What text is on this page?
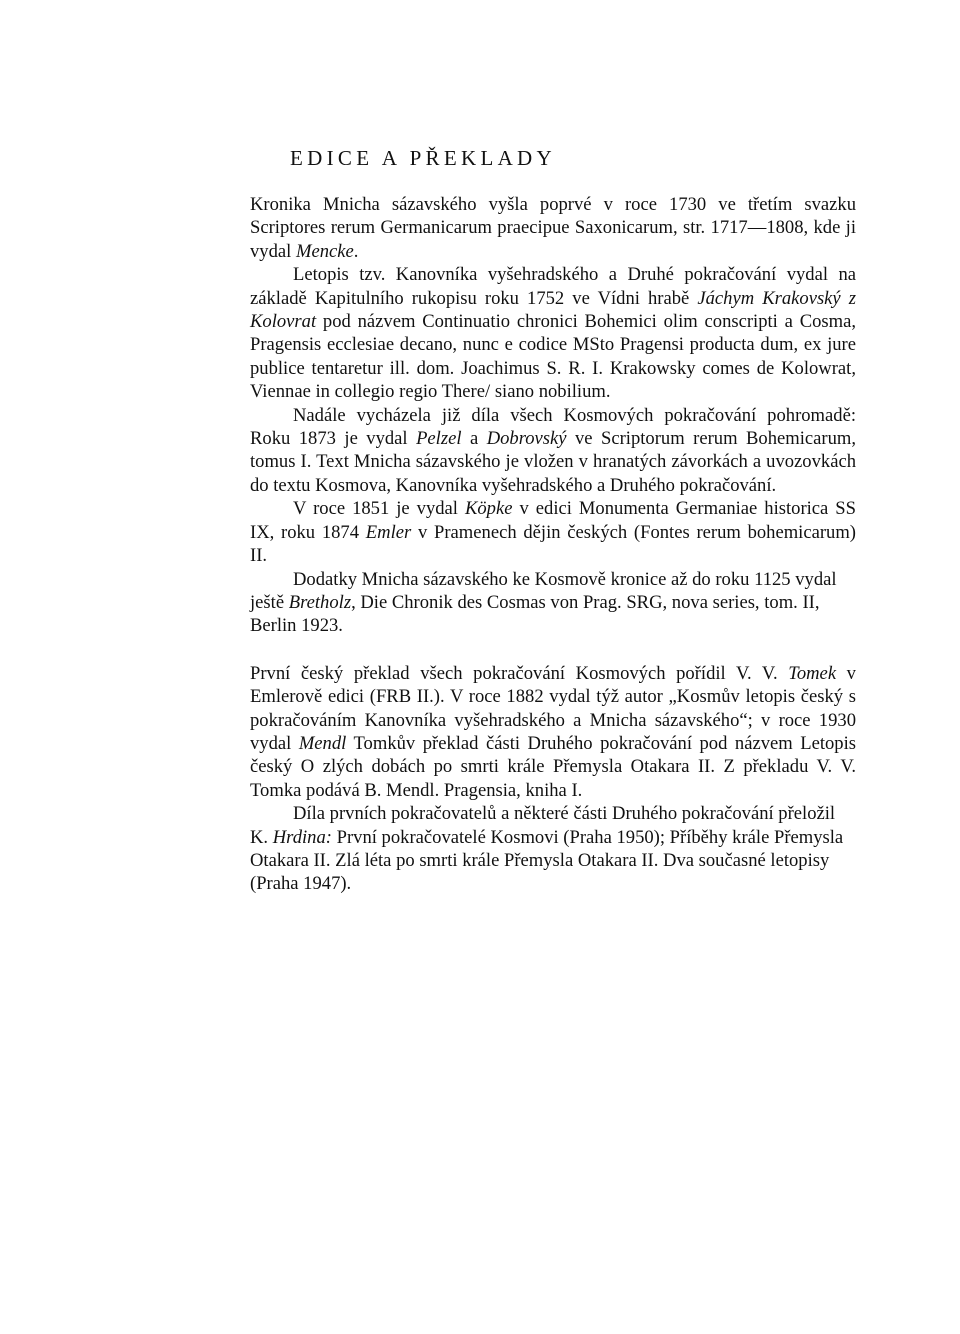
EDICE A PŘEKLADY

Kronika Mnicha sázavského vyšla poprvé v roce 1730 ve třetím svazku Scriptores rerum Germanicarum praecipue Saxonicarum, str. 1717—1808, kde ji vydal Mencke.

Letopis tzv. Kanovníka vyšehradského a Druhé pokračování vydal na základě Kapitulního rukopisu roku 1752 ve Vídni hrabě Jáchym Krakovský z Kolovrat pod názvem Continuatio chronici Bohemici olim conscripti a Cosma, Pragensis ecclesiae decano, nunc e codice MSto Pragensi producta dum, ex jure publice tentaretur ill. dom. Joachimus S. R. I. Krakowsky comes de Kolowrat, Viennae in collegio regio There/ siano nobilium.

Nadále vycházela již díla všech Kosmových pokračování pohromadě: Roku 1873 je vydal Pelzel a Dobrovský ve Scriptorum rerum Bohemicarum, tomus I. Text Mnicha sázavského je vložen v hranatých závorkách a uvozovkách do textu Kosmova, Kanovníka vyšehradského a Druhého pokračování.

V roce 1851 je vydal Köpke v edici Monumenta Germaniae historica SS IX, roku 1874 Emler v Pramenech dějin českých (Fontes rerum bohemicarum) II.

Dodatky Mnicha sázavského ke Kosmově kronice až do roku 1125 vydal ještě Bretholz, Die Chronik des Cosmas von Prag. SRG, nova series, tom. II, Berlin 1923.

První český překlad všech pokračování Kosmových pořídil V. V. Tomek v Emlerově edici (FRB II.). V roce 1882 vydal týž autor „Kosmův letopis český s pokračováním Kanovníka vyšehradského a Mnicha sázavského“; v roce 1930 vydal Mendl Tomkův překlad části Druhého pokračování pod názvem Letopis český O zlých dobách po smrti krále Přemysla Otakara II. Z překladu V. V. Tomka podává B. Mendl. Pragensia, kniha I.

Díla prvních pokračovatelů a některé části Druhého pokračování přeložil K. Hrdina: První pokračovatelé Kosmovi (Praha 1950); Příběhy krále Přemysla Otakara II. Zlá léta po smrti krále Přemysla Otakara II. Dva současné letopisy (Praha 1947).
